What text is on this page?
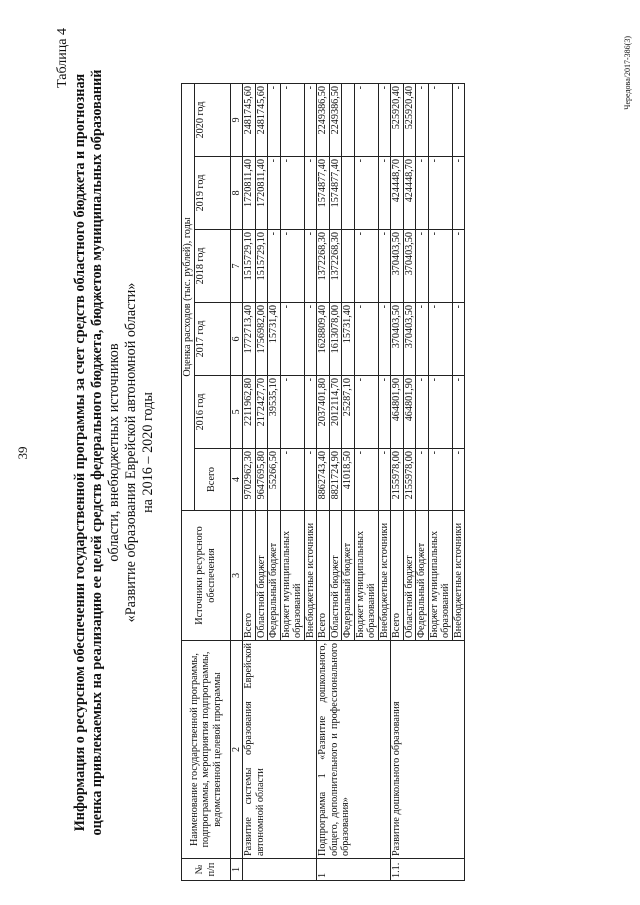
39
Таблица 4
Информация о ресурсном обеспечении государственной программы за счет средств областного бюджета и прогнозная оценка привлекаемых на реализацию ее целей средств федерального бюджета, бюджетов муниципальных образований области, внебюджетных источников «Развитие образования Еврейской автономной области» на 2016 – 2020 годы
№ п/п	Наименование государственной программы, подпрограммы, мероприятия подпрограммы, ведомственной целевой программы	Источники ресурсного обеспечения	Оценка расходов (тыс. рублей), годы					
			Всего	2016 год	2017 год	2018 год	2019 год	2020 год
1	2	3	4	5	6	7	8	9
	Развитие системы образования Еврейской автономной области	Всего	9702962,30	2211962,80	1772713,40	1515729,10	1720811,40	2481745,60
		Областной бюджет	9647695,80	2172427,70	1756982,00	1515729,10	1720811,40	2481745,60
		Федеральный бюджет	55266,50	39535,10	15731,40	-	-	-
		Бюджет муниципальных образований	-	-	-	-	-	-
		Внебюджетные источники	-	-	-	-	-	-
1	Подпрограмма 1 «Развитие дошкольного, общего, дополнительного и профессионального образования»	Всего	8862743,40	2037401,80	1628809,40	1372268,30	1574877,40	2249386,50
		Областной бюджет	8821724,90	2012114,70	1613078,00	1372268,30	1574877,40	2249386,50
		Федеральный бюджет	41018,50	25287,10	15731,40			
		Бюджет муниципальных образований	-	-	-	-	-	-
		Внебюджетные источники	-	-	-	-	-	-
1.1.	Развитие дошкольного образования	Всего	2155978,00	464801,90	370403,50	370403,50	424448,70	525920,40
		Областной бюджет	2155978,00	464801,90	370403,50	370403,50	424448,70	525920,40
		Федеральный бюджет	-	-	-	-	-	-
		Бюджет муниципальных образований	-	-	-	-	-	-
		Внебюджетные источники	-	-	-	-	-	-	Чередова/2017-386(3)
